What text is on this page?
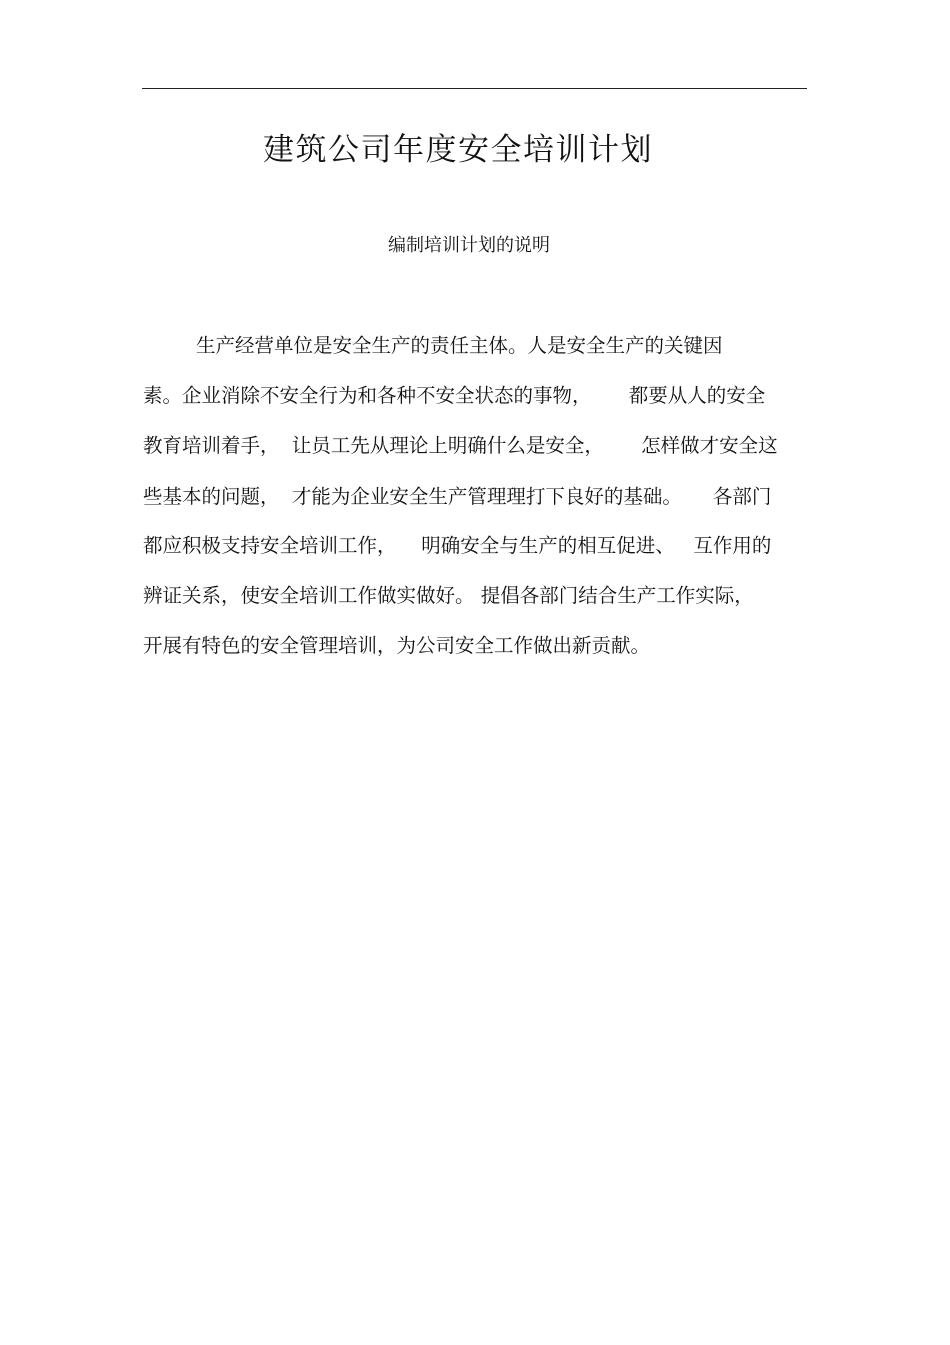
建筑公司年度安全培训计划
编制培训计划的说明

生产经营单位是安全生产的责任主体。人是安全生产的关键因

素。企业消除不安全行为和各种不安全状态的事物，      都要从人的安全

教育培训着手，  让员工先从理论上明确什么是安全，      怎样做才安全这

些基本的问题，  才能为企业安全生产管理理打下良好的基础。     各部门

都应积极支持安全培训工作，    明确安全与生产的相互促进、   互作用的

辨证关系，使安全培训工作做实做好。 提倡各部门结合生产工作实际，

开展有特色的安全管理培训，为公司安全工作做出新贡献。
